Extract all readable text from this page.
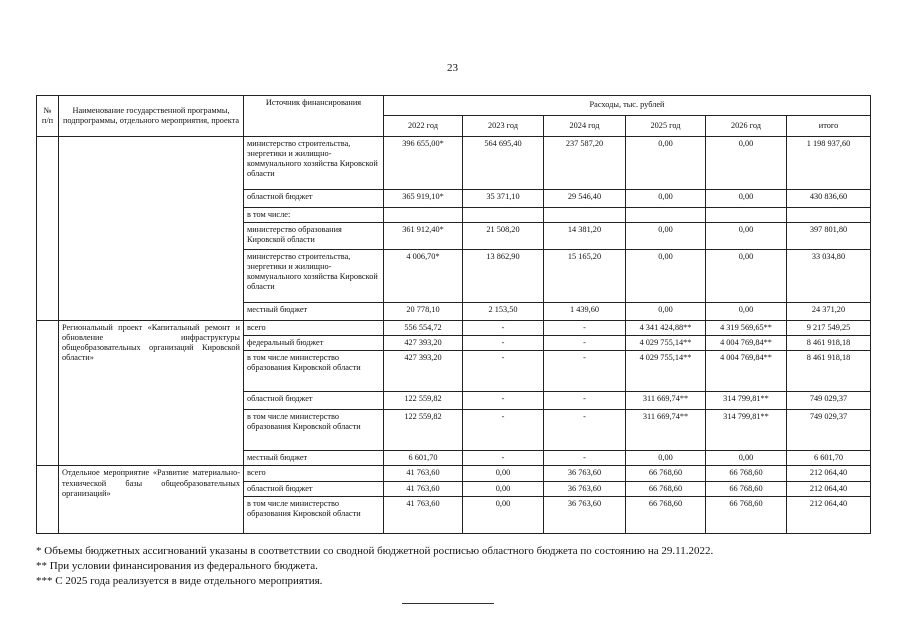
23
№ п/п	Наименование государственной программы, подпрограммы, отдельного мероприятия, проекта	Источник финансирования	Расходы, тыс. рублей					
			2022 год	2023 год	2024 год	2025 год	2026 год	итого
		министерство строительства, энергетики и жилищно-коммунального хозяйства Кировской области	396 655,00*	564 695,40	237 587,20	0,00	0,00	1 198 937,60
		областной бюджет	365 919,10*	35 371,10	29 546,40	0,00	0,00	430 836,60
		в том числе:						
		министерство образования Кировской области	361 912,40*	21 508,20	14 381,20	0,00	0,00	397 801,80
		министерство строительства, энергетики и жилищно-коммунального хозяйства Кировской области	4 006,70*	13 862,90	15 165,20	0,00	0,00	33 034,80
		местный бюджет	20 778,10	2 153,50	1 439,60	0,00	0,00	24 371,20
	Региональный проект «Капитальный ремонт и обновление инфраструктуры общеобразовательных организаций Кировской области»	всего	556 554,72	-	-	4 341 424,88**	4 319 569,65**	9 217 549,25
		федеральный бюджет	427 393,20	-	-	4 029 755,14**	4 004 769,84**	8 461 918,18
		в том числе министерство образования Кировской области	427 393,20	-	-	4 029 755,14**	4 004 769,84**	8 461 918,18
		областной бюджет	122 559,82	-	-	311 669,74**	314 799,81**	749 029,37
		в том числе министерство образования Кировской области	122 559,82	-	-	311 669,74**	314 799,81**	749 029,37
		местный бюджет	6 601,70	-	-	0,00	0,00	6 601,70
	Отдельное мероприятие «Развитие материально-технической базы общеобразовательных организаций»	всего	41 763,60	0,00	36 763,60	66 768,60	66 768,60	212 064,40
		областной бюджет	41 763,60	0,00	36 763,60	66 768,60	66 768,60	212 064,40
		в том числе министерство образования Кировской области	41 763,60	0,00	36 763,60	66 768,60	66 768,60	212 064,40
* Объемы бюджетных ассигнований указаны в соответствии со сводной бюджетной росписью областного бюджета по состоянию на 29.11.2022.
** При условии финансирования из федерального бюджета.
*** С 2025 года реализуется в виде отдельного мероприятия.
